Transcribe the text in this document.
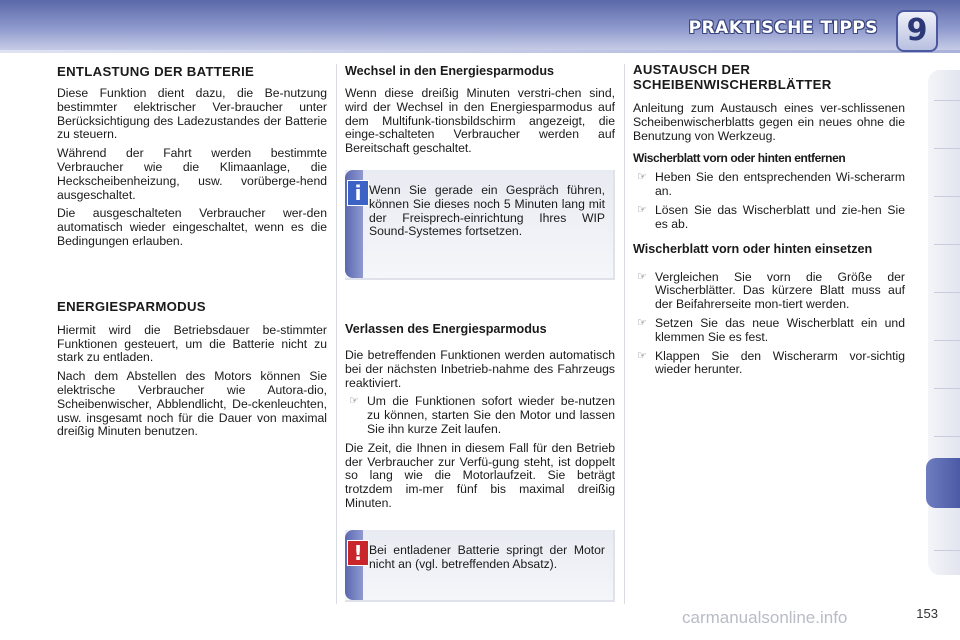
PRAKTISCHE TIPPS 9
ENTLASTUNG DER BATTERIE

Diese Funktion dient dazu, die Be-nutzung bestimmter elektrischer Ver-braucher unter Berücksichtigung des Ladezustandes der Batterie zu steuern.

Während der Fahrt werden bestimmte Verbraucher wie die Klimaanlage, die Heckscheibenheizung, usw. vorüberge-hend ausgeschaltet.

Die ausgeschalteten Verbraucher wer-den automatisch wieder eingeschaltet, wenn es die Bedingungen erlauben.

ENERGIESPARMODUS

Hiermit wird die Betriebsdauer be-stimmter Funktionen gesteuert, um die Batterie nicht zu stark zu entladen.

Nach dem Abstellen des Motors können Sie elektrische Verbraucher wie Autora-dio, Scheibenwischer, Abblendlicht, De-ckenleuchten, usw. insgesamt noch für die Dauer von maximal dreißig Minuten benutzen.

Wechsel in den Energiesparmodus

Wenn diese dreißig Minuten verstri-chen sind, wird der Wechsel in den Energiesparmodus auf dem Multifunk-tionsbildschirm angezeigt, die einge-schalteten Verbraucher werden auf Bereitschaft geschaltet.

i Wenn Sie gerade ein Gespräch führen, können Sie dieses noch 5 Minuten lang mit der Freisprech-einrichtung Ihres WIP Sound-Systemes fortsetzen.
Verlassen des Energiesparmodus

Die betreffenden Funktionen werden automatisch bei der nächsten Inbetrieb-nahme des Fahrzeugs reaktiviert.

☞ Um die Funktionen sofort wieder be-nutzen zu können, starten Sie den Motor und lassen Sie ihn kurze Zeit laufen.

Die Zeit, die Ihnen in diesem Fall für den Betrieb der Verbraucher zur Verfü-gung steht, ist doppelt so lang wie die Motorlaufzeit. Sie beträgt trotzdem im-mer fünf bis maximal dreißig Minuten.

! Bei entladener Batterie springt der Motor nicht an (vgl. betreffenden Absatz).
AUSTAUSCH DER SCHEIBENWISCHERBLÄTTER

Anleitung zum Austausch eines ver-schlissenen Scheibenwischerblatts gegen ein neues ohne die Benutzung von Werkzeug.

Wischerblatt vorn oder hinten entfernen
☞ Heben Sie den entsprechenden Wi-scherarm an.
☞ Lösen Sie das Wischerblatt und zie-hen Sie es ab.
Wischerblatt vorn oder hinten einsetzen
☞ Vergleichen Sie vorn die Größe der Wischerblätter. Das kürzere Blatt muss auf der Beifahrerseite mon-tiert werden.
☞ Setzen Sie das neue Wischerblatt ein und klemmen Sie es fest.
☞ Klappen Sie den Wischerarm vor-sichtig wieder herunter.
carmanualsonline.info	153
